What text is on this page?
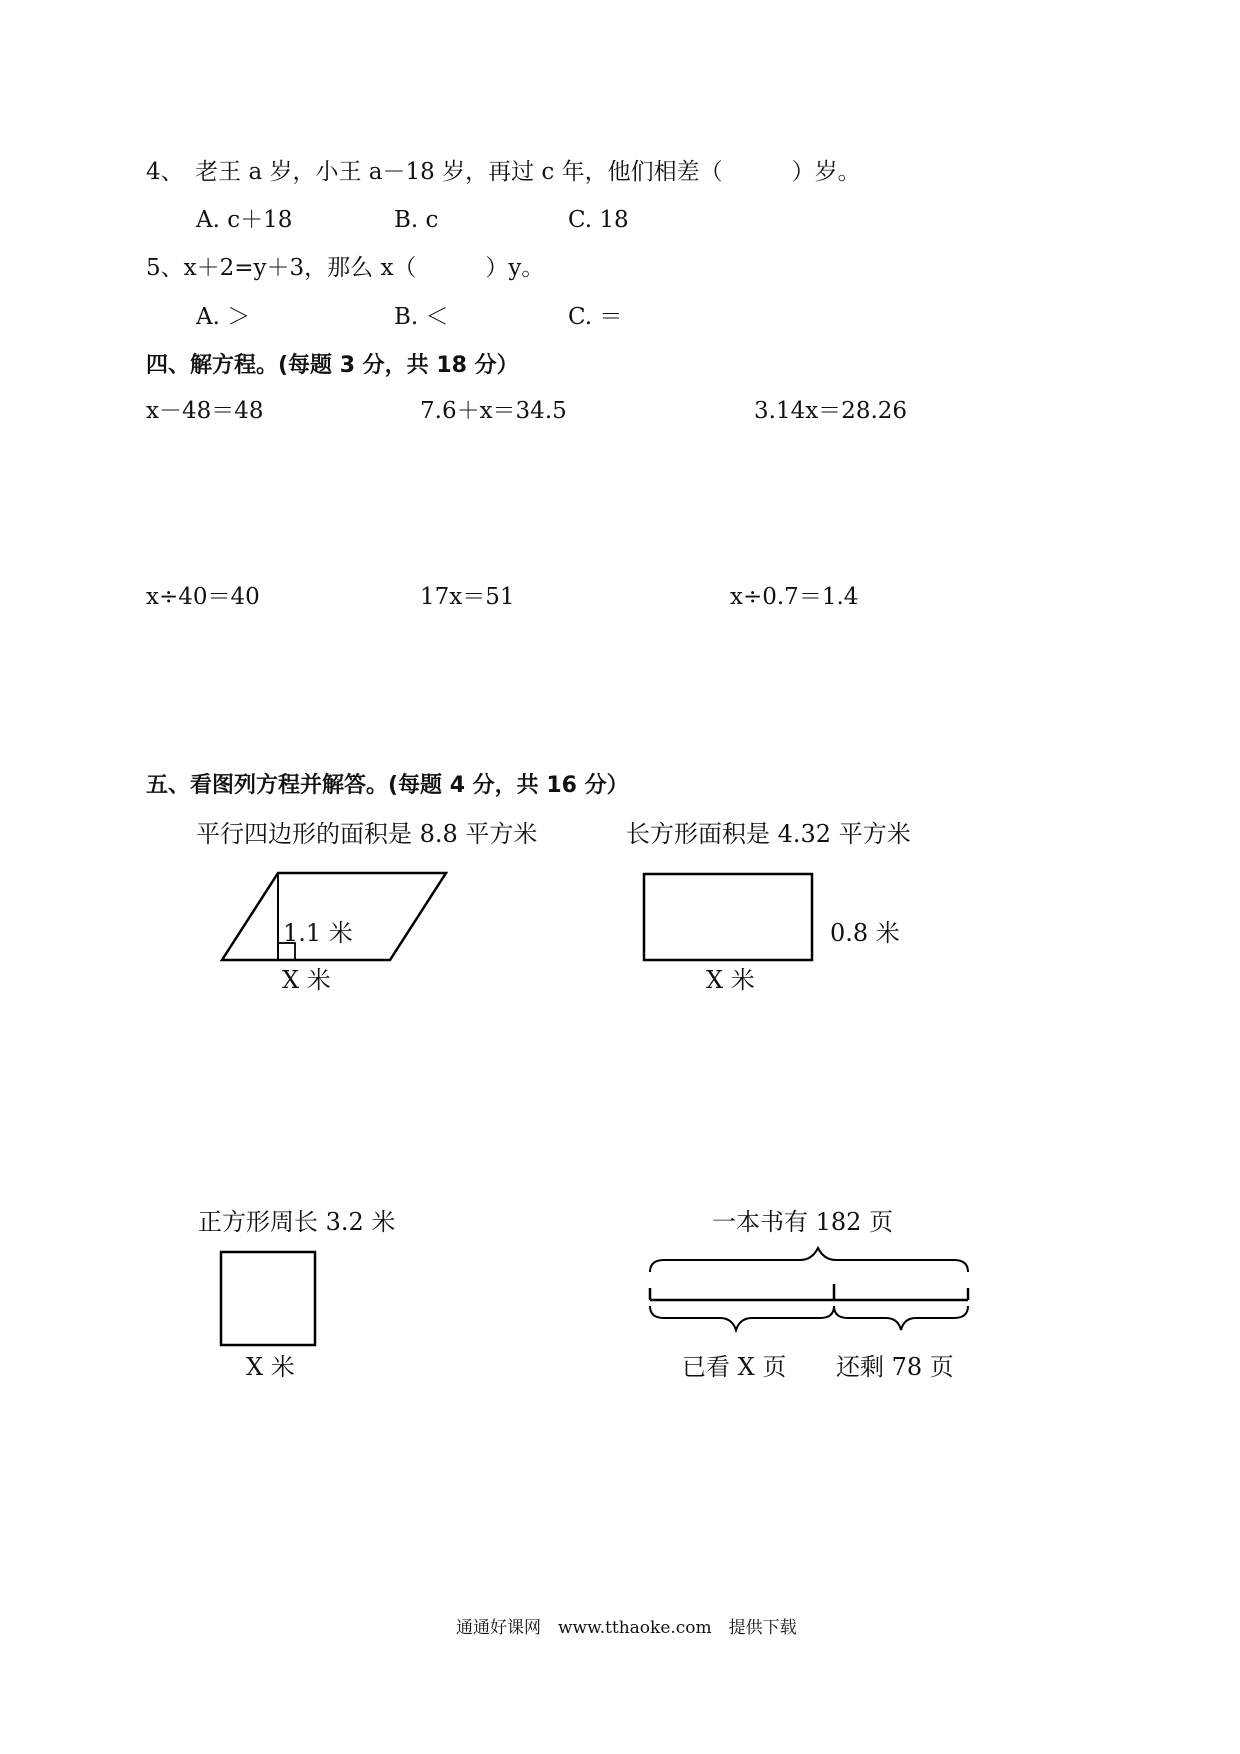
4、　老王 a 岁，小王 a－18 岁，再过 c 年，他们相差（　　　）岁。
A. c＋18	B. c	C. 18
5、x＋2=y＋3，那么 x（　　　）y。
A. ＞	B. ＜	C. ＝
四、解方程。(每题 3 分，共 18 分）
x－48＝48	7.6＋x＝34.5	3.14x＝28.26
x÷40＝40	17x＝51	x÷0.7＝1.4
五、看图列方程并解答。(每题 4 分，共 16 分）
平行四边形的面积是 8.8 平方米	长方形面积是 4.32 平方米
1.1 米
X 米
0.8 米
X 米
正方形周长 3.2 米
X 米
一本书有 182 页
已看 X 页 还剩 78 页
通通好课网　www.tthaoke.com　提供下载
